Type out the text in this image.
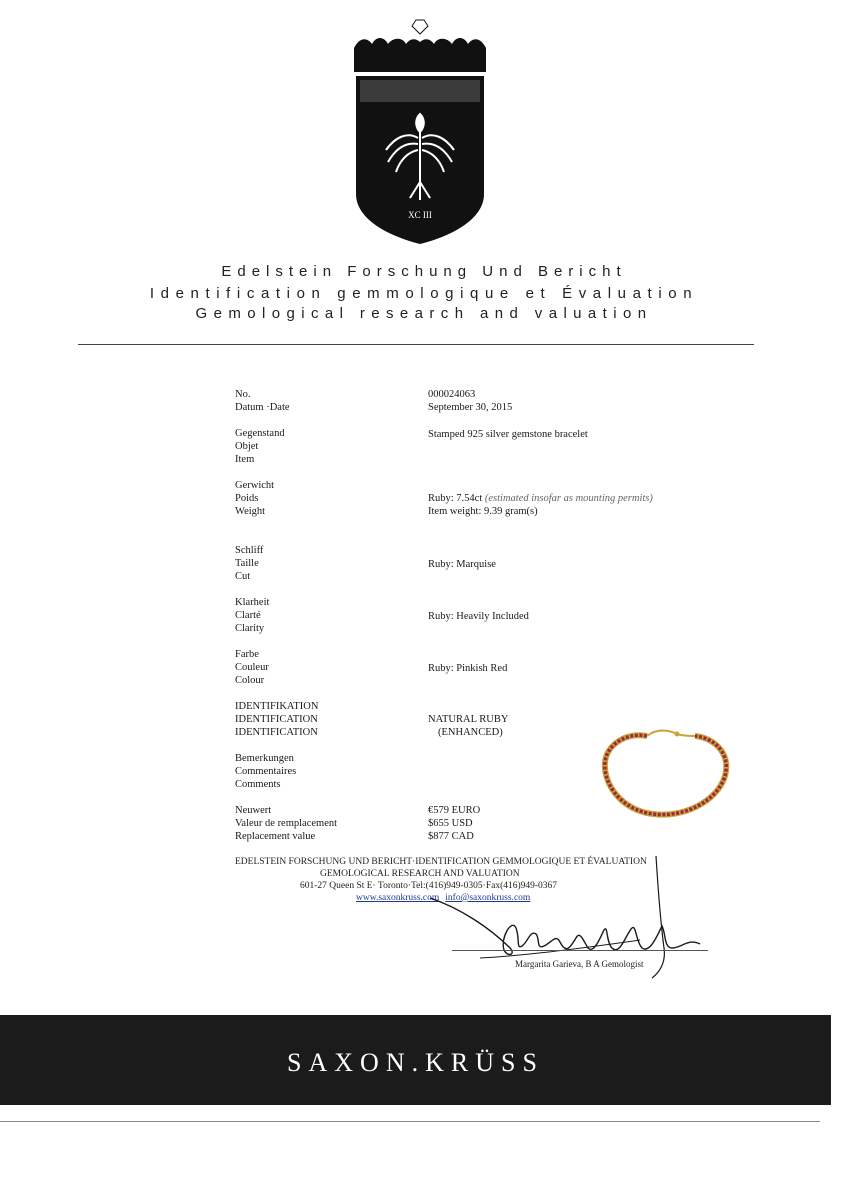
XC III
Edelstein Forschung Und Bericht
Identification gemmologique et Évaluation
Gemological research and valuation
No.	000024063
Datum ·Date	September 30, 2015
Gegenstand
Objet
Item
Stamped 925 silver gemstone bracelet
Gerwicht
Poids
Weight
Ruby: 7.54ct (estimated insofar as mounting permits)
Item weight: 9.39 gram(s)
Schliff
Taille
Cut
Ruby: Marquise
Klarheit
Clarté
Clarity
Ruby: Heavily Included
Farbe
Couleur
Colour
Ruby: Pinkish Red
IDENTIFIKATION
IDENTIFICATION
IDENTIFICATION
NATURAL RUBY
(ENHANCED)
Bemerkungen
Commentaires
Comments
Neuwert
Valeur de remplacement
Replacement value
€579 EURO
$655 USD
$877 CAD
EDELSTEIN FORSCHUNG UND BERICHT·IDENTIFICATION GEMMOLOGIQUE ET ÉVALUATION
GEMOLOGICAL RESEARCH AND VALUATION
601-27 Queen St E· Toronto·Tel:(416)949-0305·Fax(416)949-0367
www.saxonkruss.com info@saxonkruss.com
Margarita Garieva, B A Gemologist
SAXON.KRÜSS
